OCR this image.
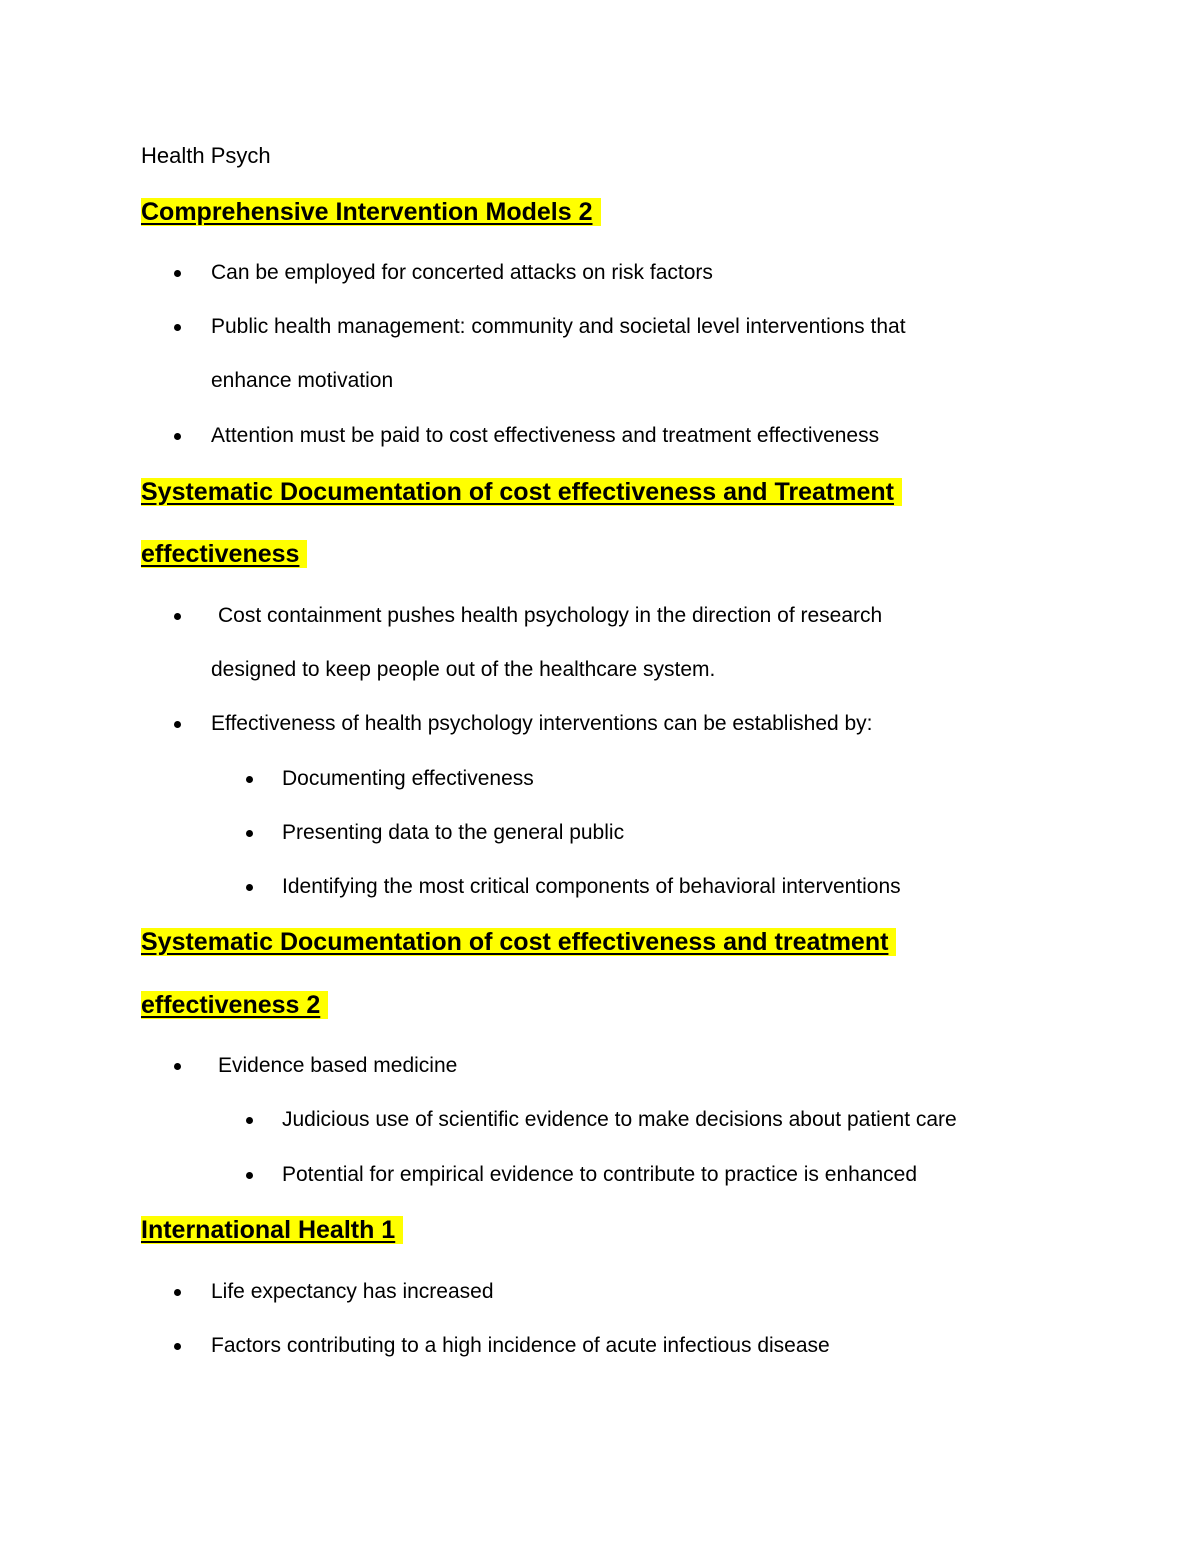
Health Psych
Comprehensive Intervention Models 2
Can be employed for concerted attacks on risk factors
Public health management: community and societal level interventions that
enhance motivation
Attention must be paid to cost effectiveness and treatment effectiveness
Systematic Documentation of cost effectiveness and Treatment
effectiveness
Cost containment pushes health psychology in the direction of research
designed to keep people out of the healthcare system.
Effectiveness of health psychology interventions can be established by:
Documenting effectiveness
Presenting data to the general public
Identifying the most critical components of behavioral interventions
Systematic Documentation of cost effectiveness and treatment
effectiveness 2
Evidence based medicine
Judicious use of scientific evidence to make decisions about patient care
Potential for empirical evidence to contribute to practice is enhanced
International Health 1
Life expectancy has increased
Factors contributing to a high incidence of acute infectious disease
